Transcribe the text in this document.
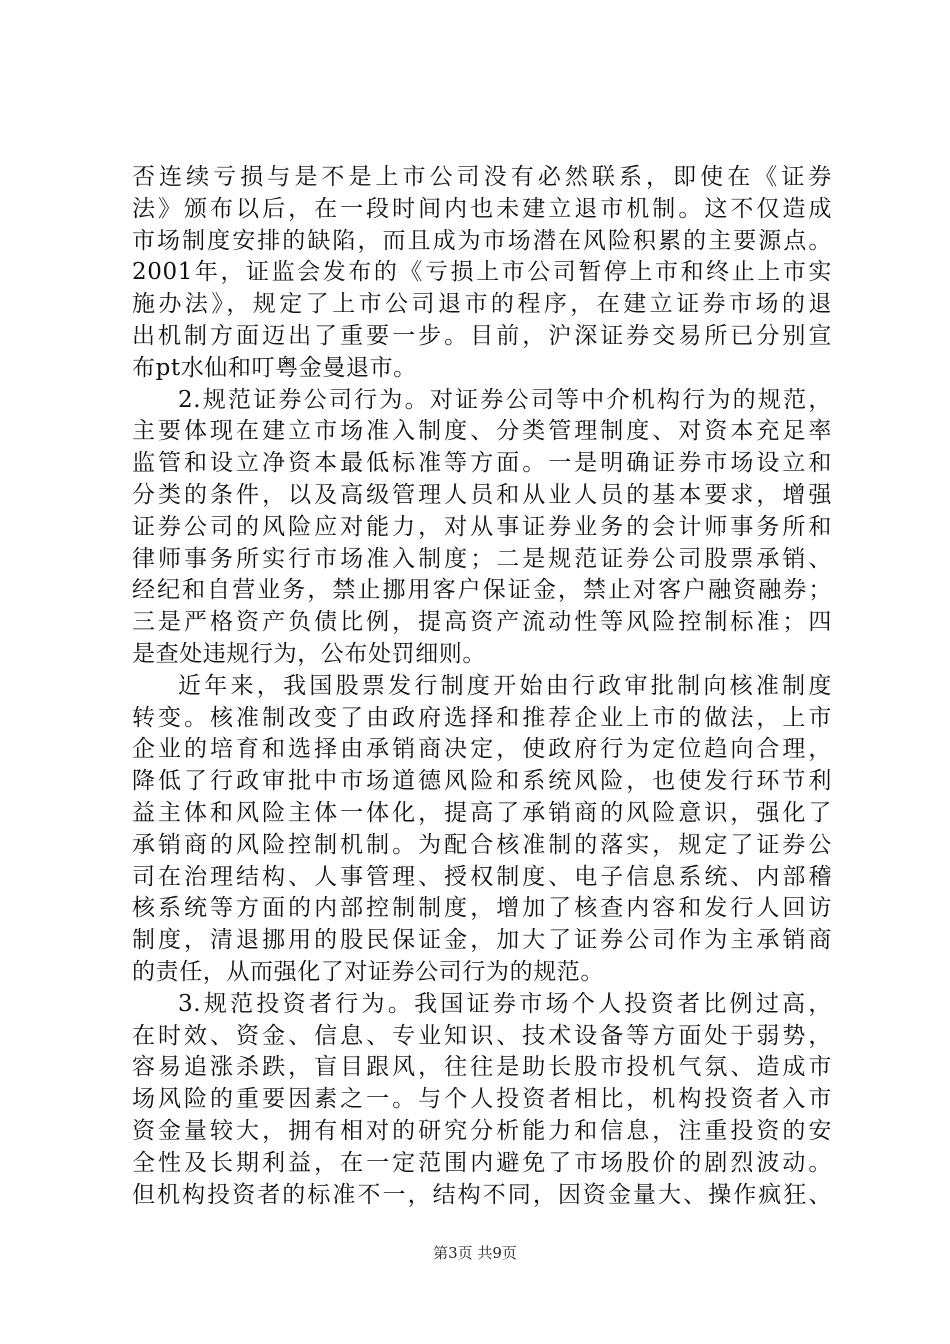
否连续亏损与是不是上市公司没有必然联系，即使在《证券
法》颁布以后，在一段时间内也未建立退市机制。这不仅造成
市场制度安排的缺陷，而且成为市场潜在风险积累的主要源点。
2001年，证监会发布的《亏损上市公司暂停上市和终止上市实
施办法》，规定了上市公司退市的程序，在建立证券市场的退
出机制方面迈出了重要一步。目前，沪深证券交易所已分别宣
布pt水仙和叮粤金曼退市。
2.规范证券公司行为。对证券公司等中介机构行为的规范，
主要体现在建立市场准入制度、分类管理制度、对资本充足率
监管和设立净资本最低标准等方面。一是明确证券市场设立和
分类的条件，以及高级管理人员和从业人员的基本要求，增强
证券公司的风险应对能力，对从事证券业务的会计师事务所和
律师事务所实行市场准入制度；二是规范证券公司股票承销、
经纪和自营业务，禁止挪用客户保证金，禁止对客户融资融券；
三是严格资产负债比例，提高资产流动性等风险控制标准；四
是查处违规行为，公布处罚细则。
近年来，我国股票发行制度开始由行政审批制向核准制度
转变。核准制改变了由政府选择和推荐企业上市的做法，上市
企业的培育和选择由承销商决定，使政府行为定位趋向合理，
降低了行政审批中市场道德风险和系统风险，也使发行环节利
益主体和风险主体一体化，提高了承销商的风险意识，强化了
承销商的风险控制机制。为配合核准制的落实，规定了证券公
司在治理结构、人事管理、授权制度、电子信息系统、内部稽
核系统等方面的内部控制制度，增加了核查内容和发行人回访
制度，清退挪用的股民保证金，加大了证券公司作为主承销商
的责任，从而强化了对证券公司行为的规范。
3.规范投资者行为。我国证券市场个人投资者比例过高，
在时效、资金、信息、专业知识、技术设备等方面处于弱势，
容易追涨杀跌，盲目跟风，往往是助长股市投机气氛、造成市
场风险的重要因素之一。与个人投资者相比，机构投资者入市
资金量较大，拥有相对的研究分析能力和信息，注重投资的安
全性及长期利益，在一定范围内避免了市场股价的剧烈波动。
但机构投资者的标准不一，结构不同，因资金量大、操作疯狂、
第3页 共9页
